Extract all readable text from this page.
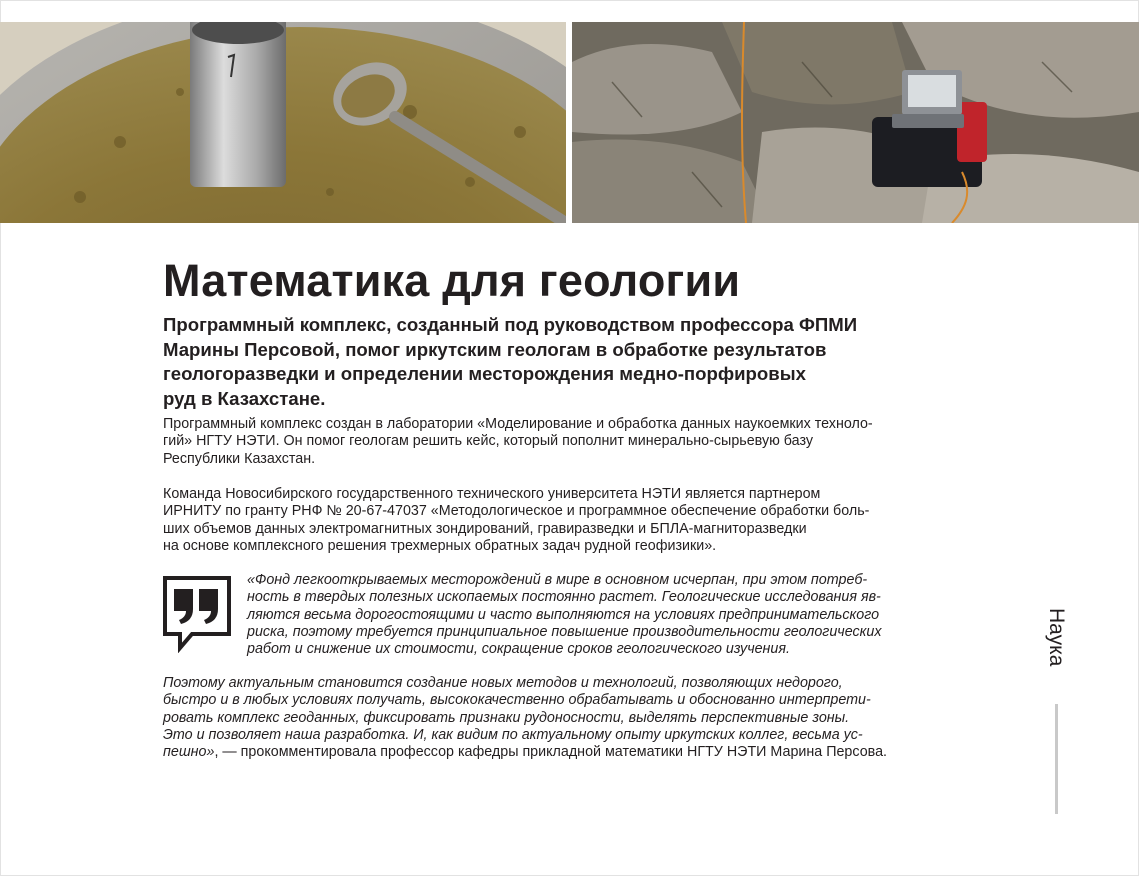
Математика для геологии

Программный комплекс, созданный под руководством профессора ФПМИ
Марины Персовой, помог иркутским геологам в обработке результатов
геологоразведки и определении месторождения медно-порфировых
руд в Казахстане.

Программный комплекс создан в лаборатории «Моделирование и обработка данных наукоемких техноло-
гий» НГТУ НЭТИ. Он помог геологам решить кейс, который пополнит минерально-сырьевую базу
Республики Казахстан.

Команда Новосибирского государственного технического университета НЭТИ является партнером
ИРНИТУ по гранту РНФ № 20-67-47037 «Методологическое и программное обеспечение обработки боль-
ших объемов данных электромагнитных зондирований, гравиразведки и БПЛА-магниторазведки
на основе комплексного решения трехмерных обратных задач рудной геофизики».

«Фонд легкооткрываемых месторождений в мире в основном исчерпан, при этом потреб-
ность в твердых полезных ископаемых постоянно растет. Геологические исследования яв-
ляются весьма дорогостоящими и часто выполняются на условиях предпринимательского
риска, поэтому требуется принципиальное повышение производительности геологических
работ и снижение их стоимости, сокращение сроков геологического изучения.

Поэтому актуальным становится создание новых методов и технологий, позволяющих недорого,
быстро и в любых условиях получать, высококачественно обрабатывать и обоснованно интерпрети-
ровать комплекс геоданных, фиксировать признаки рудоносности, выделять перспективные зоны.
Это и позволяет наша разработка. И, как видим по актуальному опыту иркутских коллег, весьма ус-
пешно», — прокомментировала профессор кафедры прикладной математики НГТУ НЭТИ Марина Персова.

Наука
